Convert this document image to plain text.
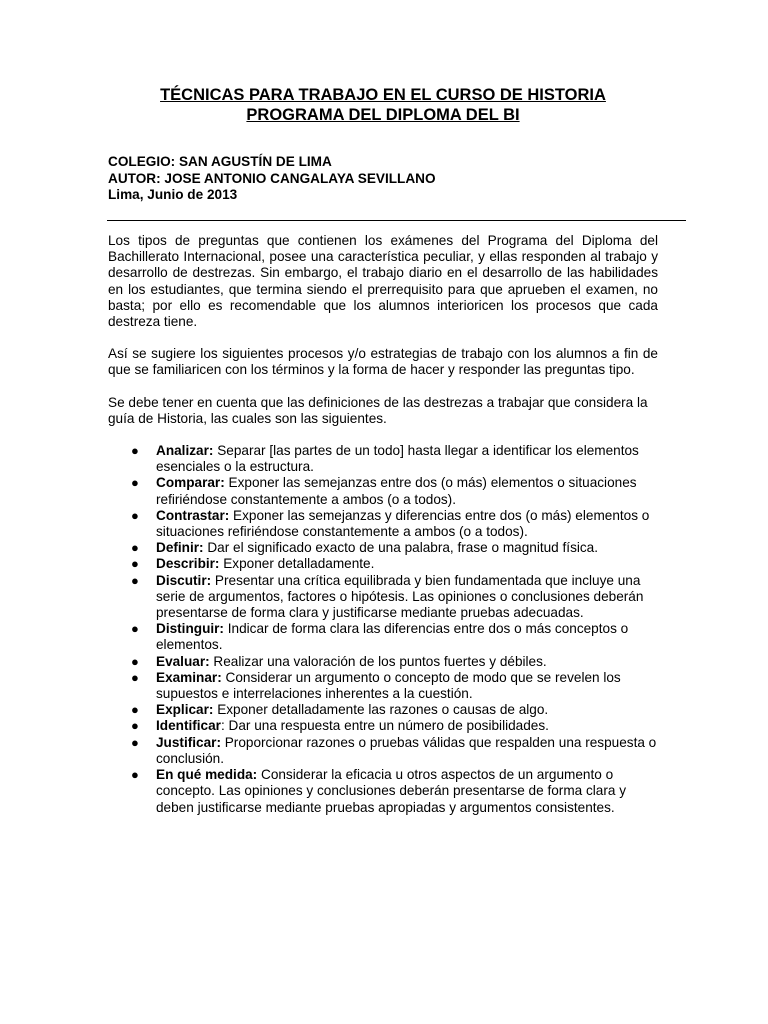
TÉCNICAS PARA TRABAJO EN EL CURSO DE HISTORIA
PROGRAMA DEL DIPLOMA DEL BI
COLEGIO: SAN AGUSTÍN DE LIMA
AUTOR: JOSE ANTONIO CANGALAYA SEVILLANO
Lima, Junio de 2013

Los tipos de preguntas que contienen los exámenes del Programa del Diploma del Bachillerato Internacional, posee una característica peculiar, y ellas responden al trabajo y desarrollo de destrezas. Sin embargo, el trabajo diario en el desarrollo de las habilidades en los estudiantes, que termina siendo el prerrequisito para que aprueben el examen, no basta; por ello es recomendable que los alumnos interioricen los procesos que cada destreza tiene.

Así se sugiere los siguientes procesos y/o estrategias de trabajo con los alumnos a fin de que se familiaricen con los términos y la forma de hacer y responder las preguntas tipo.

Se debe tener en cuenta que las definiciones de las destrezas a trabajar que considera la guía de Historia, las cuales son las siguientes.

● Analizar: Separar [las partes de un todo] hasta llegar a identificar los elementos esenciales o la estructura.
● Comparar: Exponer las semejanzas entre dos (o más) elementos o situaciones refiriéndose constantemente a ambos (o a todos).
● Contrastar: Exponer las semejanzas y diferencias entre dos (o más) elementos o situaciones refiriéndose constantemente a ambos (o a todos).
● Definir: Dar el significado exacto de una palabra, frase o magnitud física.
● Describir: Exponer detalladamente.
● Discutir: Presentar una crítica equilibrada y bien fundamentada que incluye una serie de argumentos, factores o hipótesis. Las opiniones o conclusiones deberán presentarse de forma clara y justificarse mediante pruebas adecuadas.
● Distinguir: Indicar de forma clara las diferencias entre dos o más conceptos o elementos.
● Evaluar: Realizar una valoración de los puntos fuertes y débiles.
● Examinar: Considerar un argumento o concepto de modo que se revelen los supuestos e interrelaciones inherentes a la cuestión.
● Explicar: Exponer detalladamente las razones o causas de algo.
● Identificar: Dar una respuesta entre un número de posibilidades.
● Justificar: Proporcionar razones o pruebas válidas que respalden una respuesta o conclusión.
● En qué medida: Considerar la eficacia u otros aspectos de un argumento o concepto. Las opiniones y conclusiones deberán presentarse de forma clara y deben justificarse mediante pruebas apropiadas y argumentos consistentes.
